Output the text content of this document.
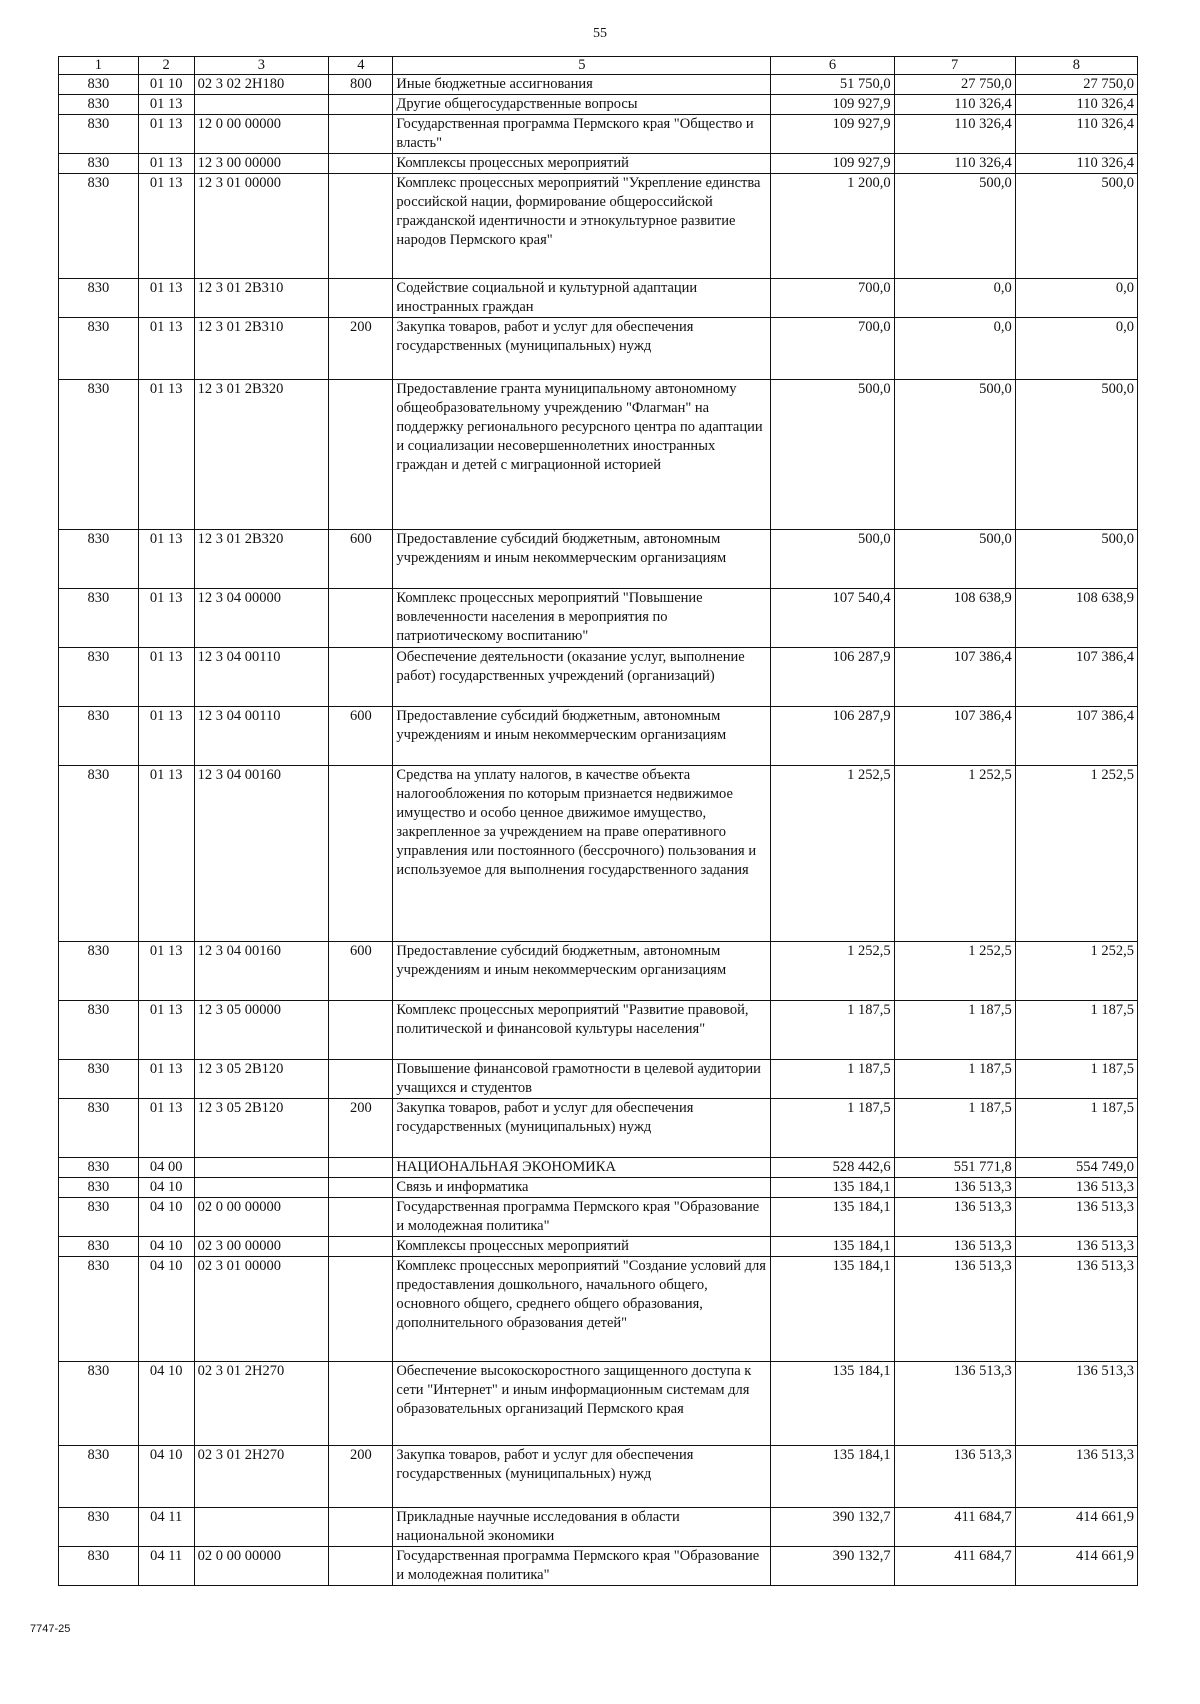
55
1	2	3	4	5	6	7	8
830	01 10	02 3 02 2Н180	800	Иные бюджетные ассигнования	51 750,0	27 750,0	27 750,0
830	01 13			Другие общегосударственные вопросы	109 927,9	110 326,4	110 326,4
830	01 13	12 0 00 00000		Государственная программа Пермского края "Общество и власть"	109 927,9	110 326,4	110 326,4
830	01 13	12 3 00 00000		Комплексы процессных мероприятий	109 927,9	110 326,4	110 326,4
830	01 13	12 3 01 00000		Комплекс процессных мероприятий "Укрепление единства российской нации, формирование общероссийской гражданской идентичности и этнокультурное развитие народов Пермского края"	1 200,0	500,0	500,0
830	01 13	12 3 01 2В310		Содействие социальной и культурной адаптации иностранных граждан	700,0	0,0	0,0
830	01 13	12 3 01 2В310	200	Закупка товаров, работ и услуг для обеспечения государственных (муниципальных) нужд	700,0	0,0	0,0
830	01 13	12 3 01 2В320		Предоставление гранта муниципальному автономному общеобразовательному учреждению "Флагман" на поддержку регионального ресурсного центра по адаптации и социализации несовершеннолетних иностранных граждан и детей с миграционной историей	500,0	500,0	500,0
830	01 13	12 3 01 2В320	600	Предоставление субсидий бюджетным, автономным учреждениям и иным некоммерческим организациям	500,0	500,0	500,0
830	01 13	12 3 04 00000		Комплекс процессных мероприятий "Повышение вовлеченности населения в мероприятия по патриотическому воспитанию"	107 540,4	108 638,9	108 638,9
830	01 13	12 3 04 00110		Обеспечение деятельности (оказание услуг, выполнение работ) государственных учреждений (организаций)	106 287,9	107 386,4	107 386,4
830	01 13	12 3 04 00110	600	Предоставление субсидий бюджетным, автономным учреждениям и иным некоммерческим организациям	106 287,9	107 386,4	107 386,4
830	01 13	12 3 04 00160		Средства на уплату налогов, в качестве объекта налогообложения по которым признается недвижимое имущество и особо ценное движимое имущество, закрепленное за учреждением на праве оперативного управления или постоянного (бессрочного) пользования и используемое для выполнения государственного задания	1 252,5	1 252,5	1 252,5
830	01 13	12 3 04 00160	600	Предоставление субсидий бюджетным, автономным учреждениям и иным некоммерческим организациям	1 252,5	1 252,5	1 252,5
830	01 13	12 3 05 00000		Комплекс процессных мероприятий "Развитие правовой, политической и финансовой культуры населения"	1 187,5	1 187,5	1 187,5
830	01 13	12 3 05 2В120		Повышение финансовой грамотности в целевой аудитории учащихся и студентов	1 187,5	1 187,5	1 187,5
830	01 13	12 3 05 2В120	200	Закупка товаров, работ и услуг для обеспечения государственных (муниципальных) нужд	1 187,5	1 187,5	1 187,5
830	04 00			НАЦИОНАЛЬНАЯ ЭКОНОМИКА	528 442,6	551 771,8	554 749,0
830	04 10			Связь и информатика	135 184,1	136 513,3	136 513,3
830	04 10	02 0 00 00000		Государственная программа Пермского края "Образование и молодежная политика"	135 184,1	136 513,3	136 513,3
830	04 10	02 3 00 00000		Комплексы процессных мероприятий	135 184,1	136 513,3	136 513,3
830	04 10	02 3 01 00000		Комплекс процессных мероприятий "Создание условий для предоставления дошкольного, начального общего, основного общего, среднего общего образования, дополнительного образования детей"	135 184,1	136 513,3	136 513,3
830	04 10	02 3 01 2Н270		Обеспечение высокоскоростного защищенного доступа к сети "Интернет" и иным информационным системам для образовательных организаций Пермского края	135 184,1	136 513,3	136 513,3
830	04 10	02 3 01 2Н270	200	Закупка товаров, работ и услуг для обеспечения государственных (муниципальных) нужд	135 184,1	136 513,3	136 513,3
830	04 11			Прикладные научные исследования в области национальной экономики	390 132,7	411 684,7	414 661,9
830	04 11	02 0 00 00000		Государственная программа Пермского края "Образование и молодежная политика"	390 132,7	411 684,7	414 661,9
7747-25
